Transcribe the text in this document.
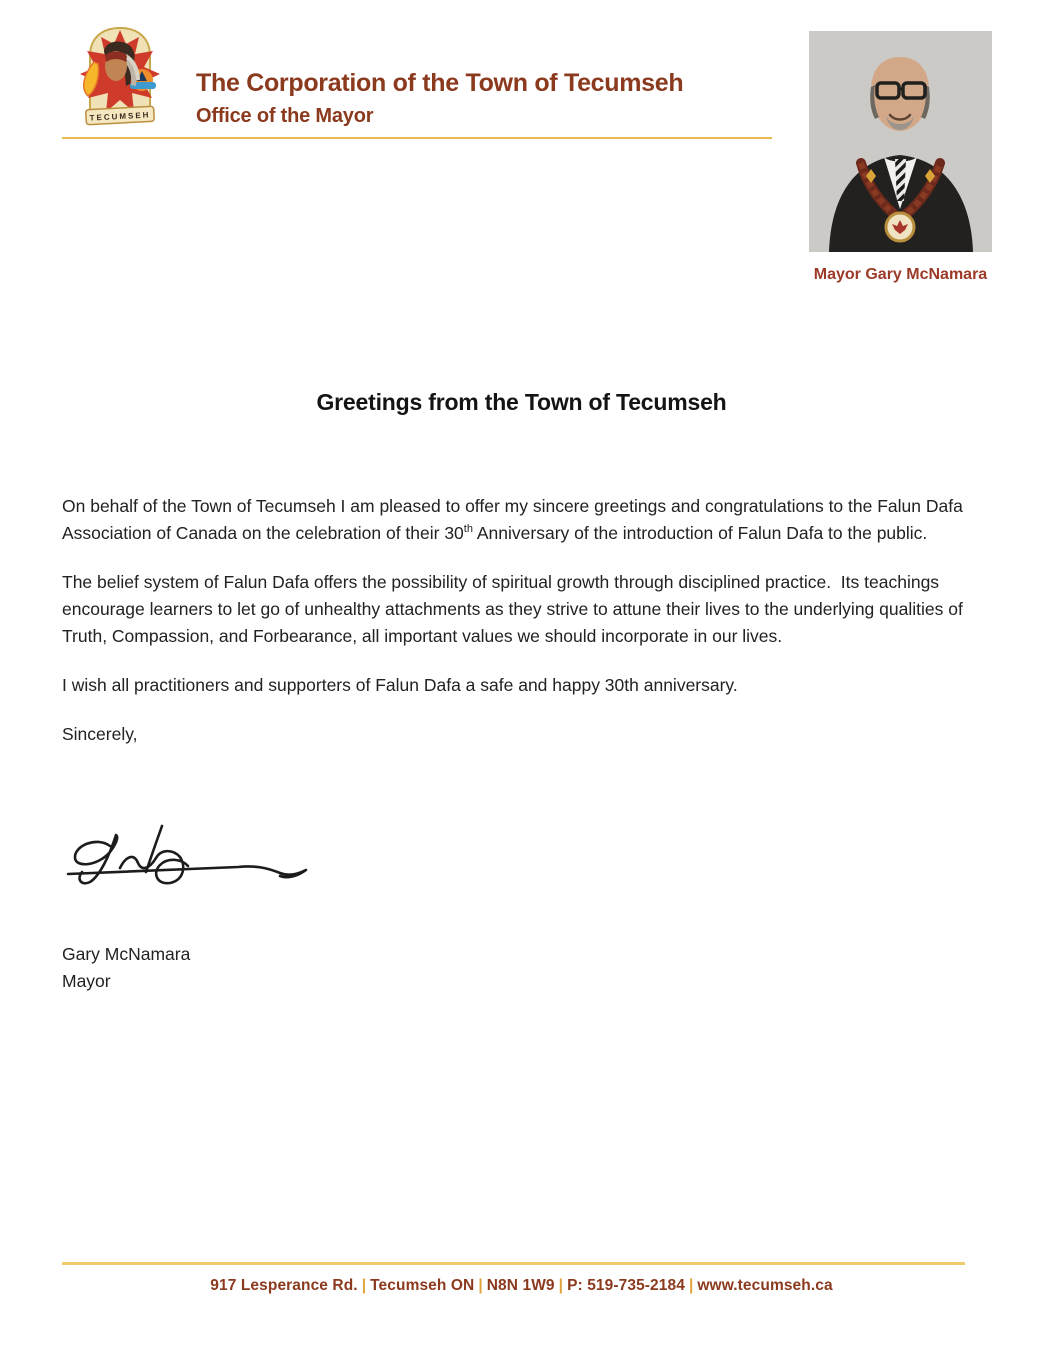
TECUMSEH
The Corporation of the Town of Tecumseh
Office of the Mayor
Mayor Gary McNamara
Greetings from the Town of Tecumseh

On behalf of the Town of Tecumseh I am pleased to offer my sincere greetings and congratulations to the Falun Dafa Association of Canada on the celebration of their 30th Anniversary of the introduction of Falun Dafa to the public.

The belief system of Falun Dafa offers the possibility of spiritual growth through disciplined practice.  Its teachings encourage learners to let go of unhealthy attachments as they strive to attune their lives to the underlying qualities of Truth, Compassion, and Forbearance, all important values we should incorporate in our lives.

I wish all practitioners and supporters of Falun Dafa a safe and happy 30th anniversary.

Sincerely,

Gary McNamara
Mayor
917 Lesperance Rd. | Tecumseh ON | N8N 1W9 | P: 519-735-2184 | www.tecumseh.ca
